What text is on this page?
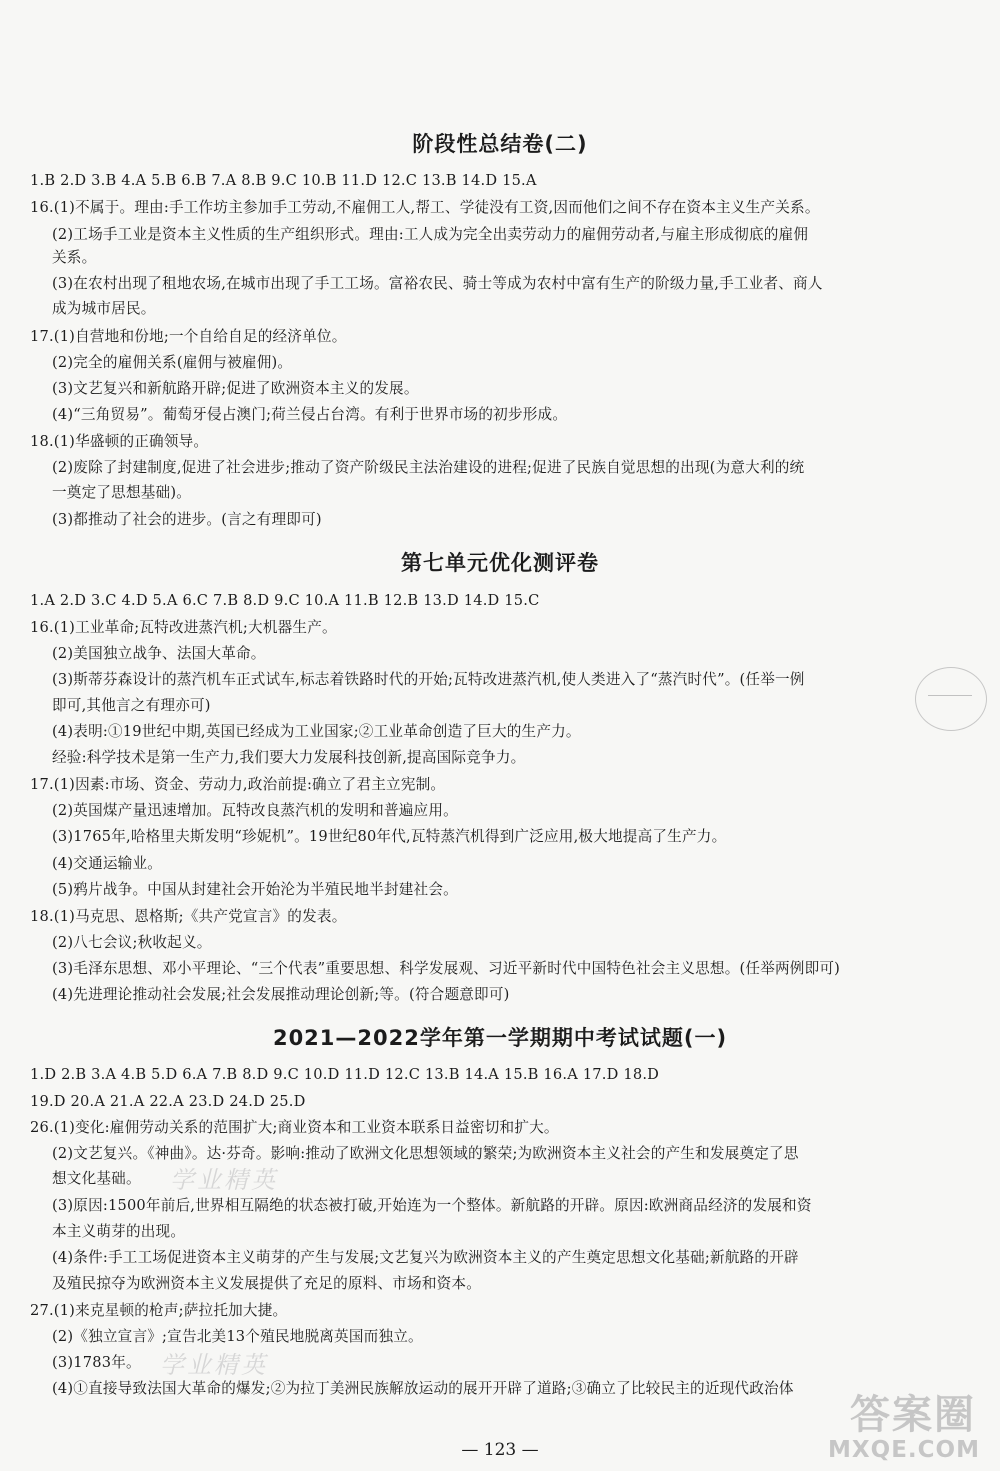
阶段性总结卷(二)
1.B 2.D 3.B 4.A 5.B 6.B 7.A 8.B 9.C 10.B 11.D 12.C 13.B 14.D 15.A
16.(1)不属于。理由:手工作坊主参加手工劳动,不雇佣工人,帮工、学徒没有工资,因而他们之间不存在资本主义生产关系。
(2)工场手工业是资本主义性质的生产组织形式。理由:工人成为完全出卖劳动力的雇佣劳动者,与雇主形成彻底的雇佣
关系。
(3)在农村出现了租地农场,在城市出现了手工工场。富裕农民、骑士等成为农村中富有生产的阶级力量,手工业者、商人
成为城市居民。
17.(1)自营地和份地;一个自给自足的经济单位。
(2)完全的雇佣关系(雇佣与被雇佣)。
(3)文艺复兴和新航路开辟;促进了欧洲资本主义的发展。
(4)“三角贸易”。葡萄牙侵占澳门;荷兰侵占台湾。有利于世界市场的初步形成。
18.(1)华盛顿的正确领导。
(2)废除了封建制度,促进了社会进步;推动了资产阶级民主法治建设的进程;促进了民族自觉思想的出现(为意大利的统
一奠定了思想基础)。
(3)都推动了社会的进步。(言之有理即可)
第七单元优化测评卷
1.A 2.D 3.C 4.D 5.A 6.C 7.B 8.D 9.C 10.A 11.B 12.B 13.D 14.D 15.C
16.(1)工业革命;瓦特改进蒸汽机;大机器生产。
(2)美国独立战争、法国大革命。
(3)斯蒂芬森设计的蒸汽机车正式试车,标志着铁路时代的开始;瓦特改进蒸汽机,使人类进入了“蒸汽时代”。(任举一例
即可,其他言之有理亦可)
(4)表明:①19世纪中期,英国已经成为工业国家;②工业革命创造了巨大的生产力。
经验:科学技术是第一生产力,我们要大力发展科技创新,提高国际竞争力。
17.(1)因素:市场、资金、劳动力,政治前提:确立了君主立宪制。
(2)英国煤产量迅速增加。瓦特改良蒸汽机的发明和普遍应用。
(3)1765年,哈格里夫斯发明“珍妮机”。19世纪80年代,瓦特蒸汽机得到广泛应用,极大地提高了生产力。
(4)交通运输业。
(5)鸦片战争。中国从封建社会开始沦为半殖民地半封建社会。
18.(1)马克思、恩格斯;《共产党宣言》的发表。
(2)八七会议;秋收起义。
(3)毛泽东思想、邓小平理论、“三个代表”重要思想、科学发展观、习近平新时代中国特色社会主义思想。(任举两例即可)
(4)先进理论推动社会发展;社会发展推动理论创新;等。(符合题意即可)
2021—2022学年第一学期期中考试试题(一)
1.D 2.B 3.A 4.B 5.D 6.A 7.B 8.D 9.C 10.D 11.D 12.C 13.B 14.A 15.B 16.A 17.D 18.D
19.D 20.A 21.A 22.A 23.D 24.D 25.D
26.(1)变化:雇佣劳动关系的范围扩大;商业资本和工业资本联系日益密切和扩大。
(2)文艺复兴。《神曲》。达·芬奇。影响:推动了欧洲文化思想领域的繁荣;为欧洲资本主义社会的产生和发展奠定了思
想文化基础。
(3)原因:1500年前后,世界相互隔绝的状态被打破,开始连为一个整体。新航路的开辟。原因:欧洲商品经济的发展和资
本主义萌芽的出现。
(4)条件:手工工场促进资本主义萌芽的产生与发展;文艺复兴为欧洲资本主义的产生奠定思想文化基础;新航路的开辟
及殖民掠夺为欧洲资本主义发展提供了充足的原料、市场和资本。
27.(1)来克星顿的枪声;萨拉托加大捷。
(2)《独立宣言》;宣告北美13个殖民地脱离英国而独立。
(3)1783年。
(4)①直接导致法国大革命的爆发;②为拉丁美洲民族解放运动的展开开辟了道路;③确立了比较民主的近现代政治体
学业精英
学业精英
— 123 —
答案圈
MXQE.COM
